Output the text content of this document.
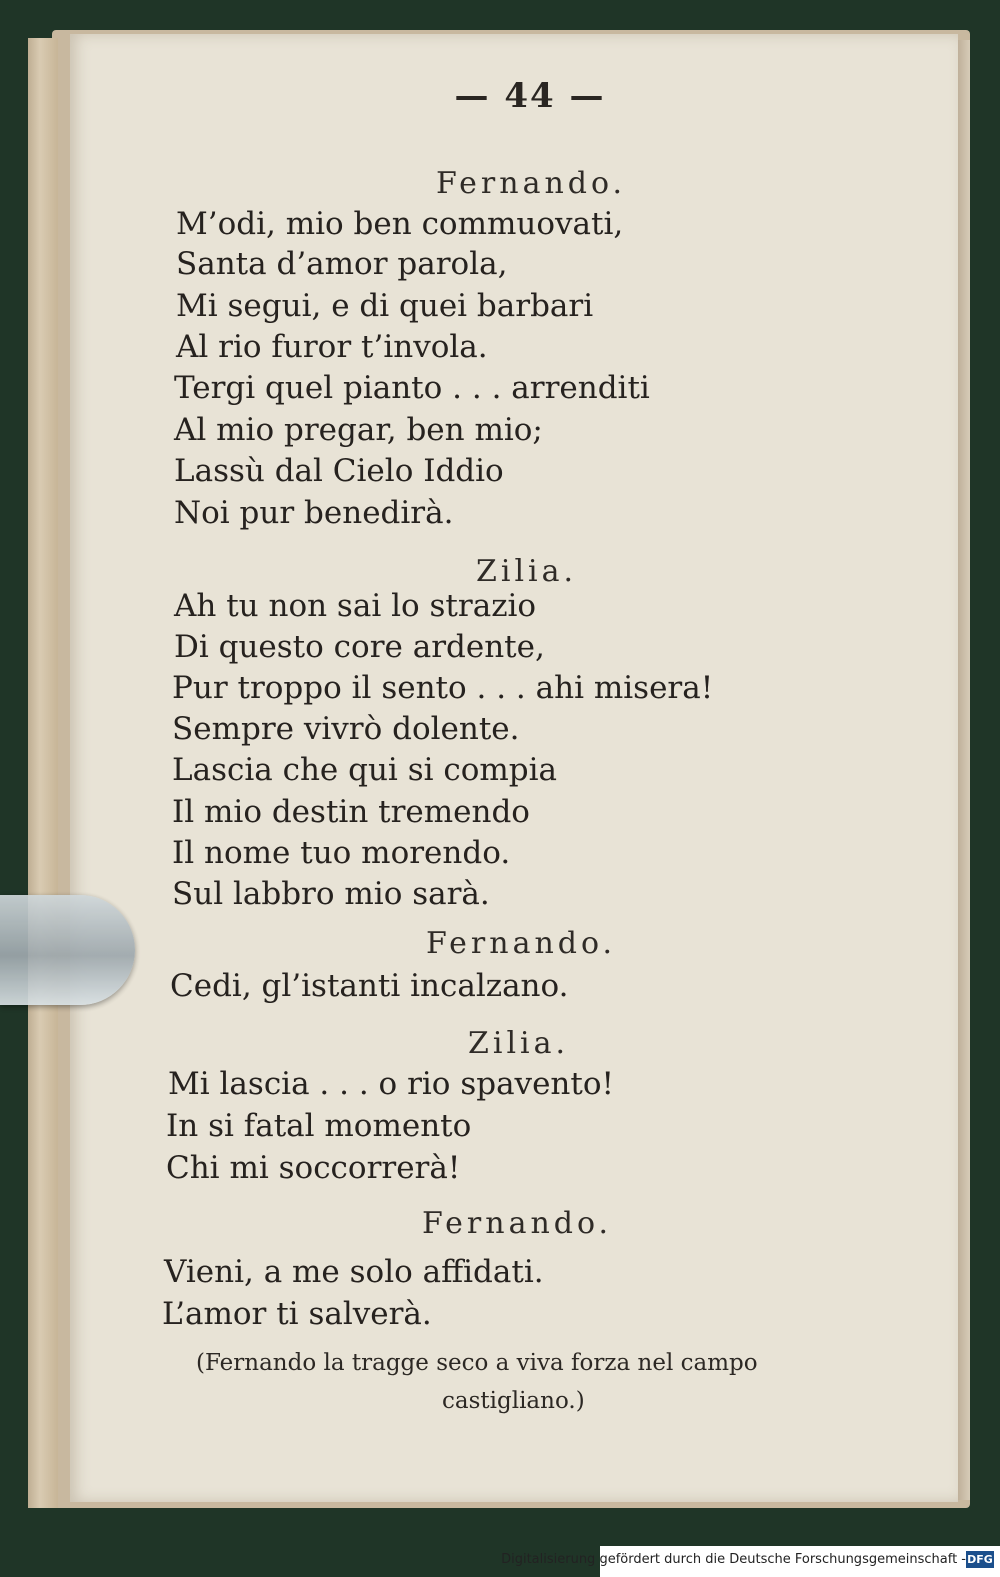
— 44 —
Fernando.
M’odi, mio ben commuovati,
Santa d’amor parola,
Mi segui, e di quei barbari
Al rio furor t’invola.
Tergi quel pianto . . . arrenditi
Al mio pregar, ben mio;
Lassù dal Cielo Iddio
Noi pur benedirà.
Zilia.
Ah tu non sai lo strazio
Di questo core ardente,
Pur troppo il sento . . . ahi misera!
Sempre vivrò dolente.
Lascia che qui si compia
Il mio destin tremendo
Il nome tuo morendo.
Sul labbro mio sarà.
Fernando.
Cedi, gl’istanti incalzano.
Zilia.
Mi lascia . . . o rio spavento!
In si fatal momento
Chi mi soccorrerà!
Fernando.
Vieni, a me solo affidati.
L’amor ti salverà.
(Fernando la tragge seco a viva forza nel campo
castigliano.)
Digitalisierung gefördert durch die Deutsche Forschungsgemeinschaft - DFG
